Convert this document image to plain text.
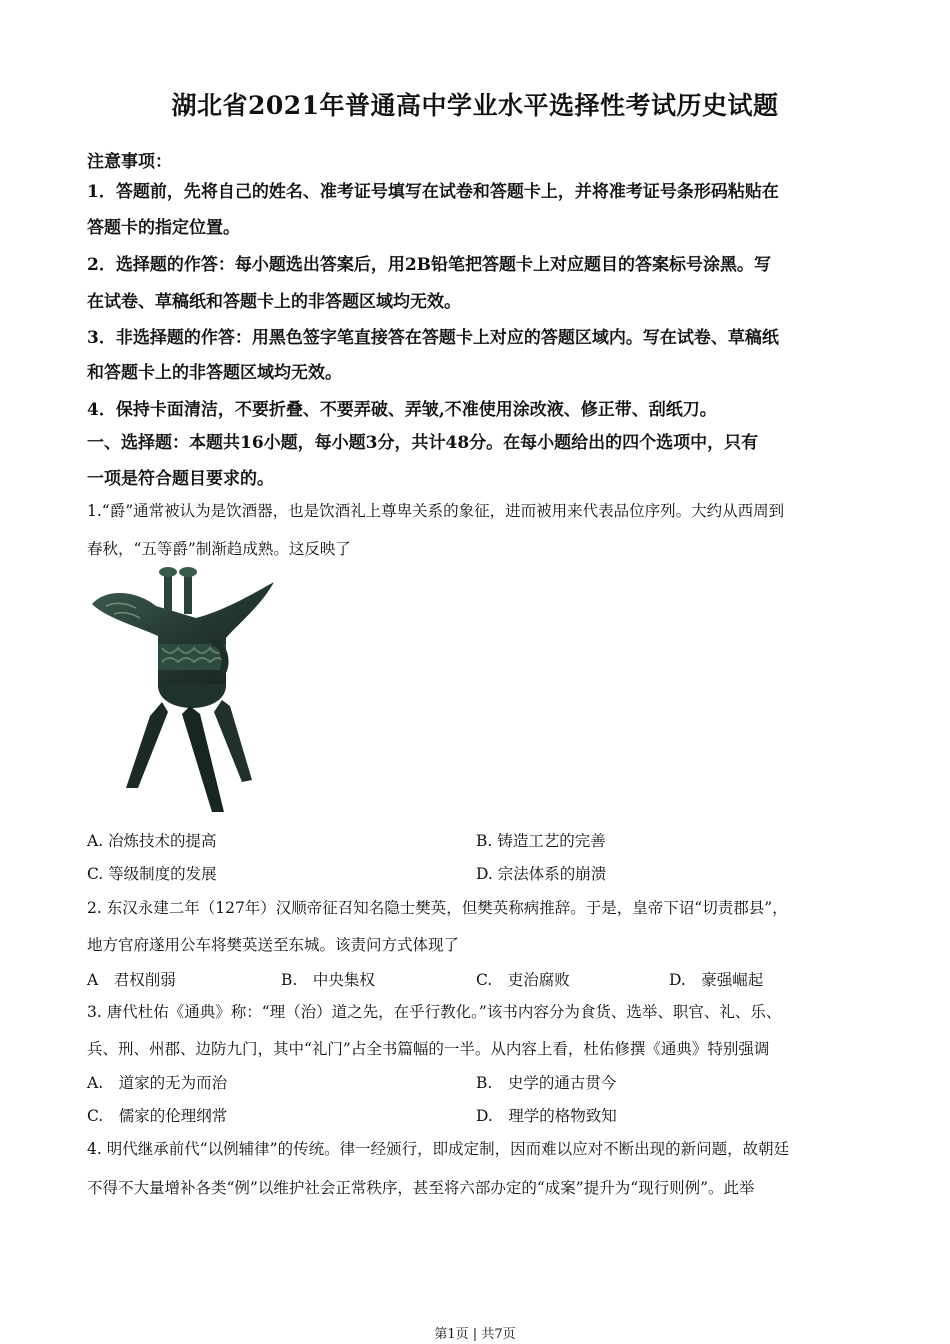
湖北省2021年普通高中学业水平选择性考试历史试题
注意事项：
1．答题前，先将自己的姓名、准考证号填写在试卷和答题卡上，并将准考证号条形码粘贴在
答题卡的指定位置。
2．选择题的作答：每小题选出答案后，用2B铅笔把答题卡上对应题目的答案标号涂黑。写
在试卷、草稿纸和答题卡上的非答题区域均无效。
3．非选择题的作答：用黑色签字笔直接答在答题卡上对应的答题区域内。写在试卷、草稿纸
和答题卡上的非答题区域均无效。
4．保持卡面清洁，不要折叠、不要弄破、弄皱,不准使用涂改液、修正带、刮纸刀。
一、选择题：本题共16小题，每小题3分，共计48分。在每小题给出的四个选项中，只有
一项是符合题目要求的。
1.“爵”通常被认为是饮酒器，也是饮酒礼上尊卑关系的象征，进而被用来代表品位序列。大约从西周到
春秋，“五等爵”制渐趋成熟。这反映了
A. 冶炼技术的提高	B. 铸造工艺的完善
C. 等级制度的发展	D. 宗法体系的崩溃
2. 东汉永建二年（127年）汉顺帝征召知名隐士樊英，但樊英称病推辞。于是，皇帝下诏“切责郡县”，
地方官府遂用公车将樊英送至东城。该责问方式体现了
A　君权削弱	B.　中央集权	C.　吏治腐败	D.　豪强崛起
3. 唐代杜佑《通典》称：“理（治）道之先，在乎行教化。”该书内容分为食货、选举、职官、礼、乐、
兵、刑、州郡、边防九门，其中“礼门”占全书篇幅的一半。从内容上看，杜佑修撰《通典》特别强调
A.　道家的无为而治	B.　史学的通古贯今
C.　儒家的伦理纲常	D.　理学的格物致知
4. 明代继承前代“以例辅律”的传统。律一经颁行，即成定制，因而难以应对不断出现的新问题，故朝廷
不得不大量增补各类“例”以维护社会正常秩序，甚至将六部办定的“成案”提升为“现行则例”。此举
第1页 | 共7页
